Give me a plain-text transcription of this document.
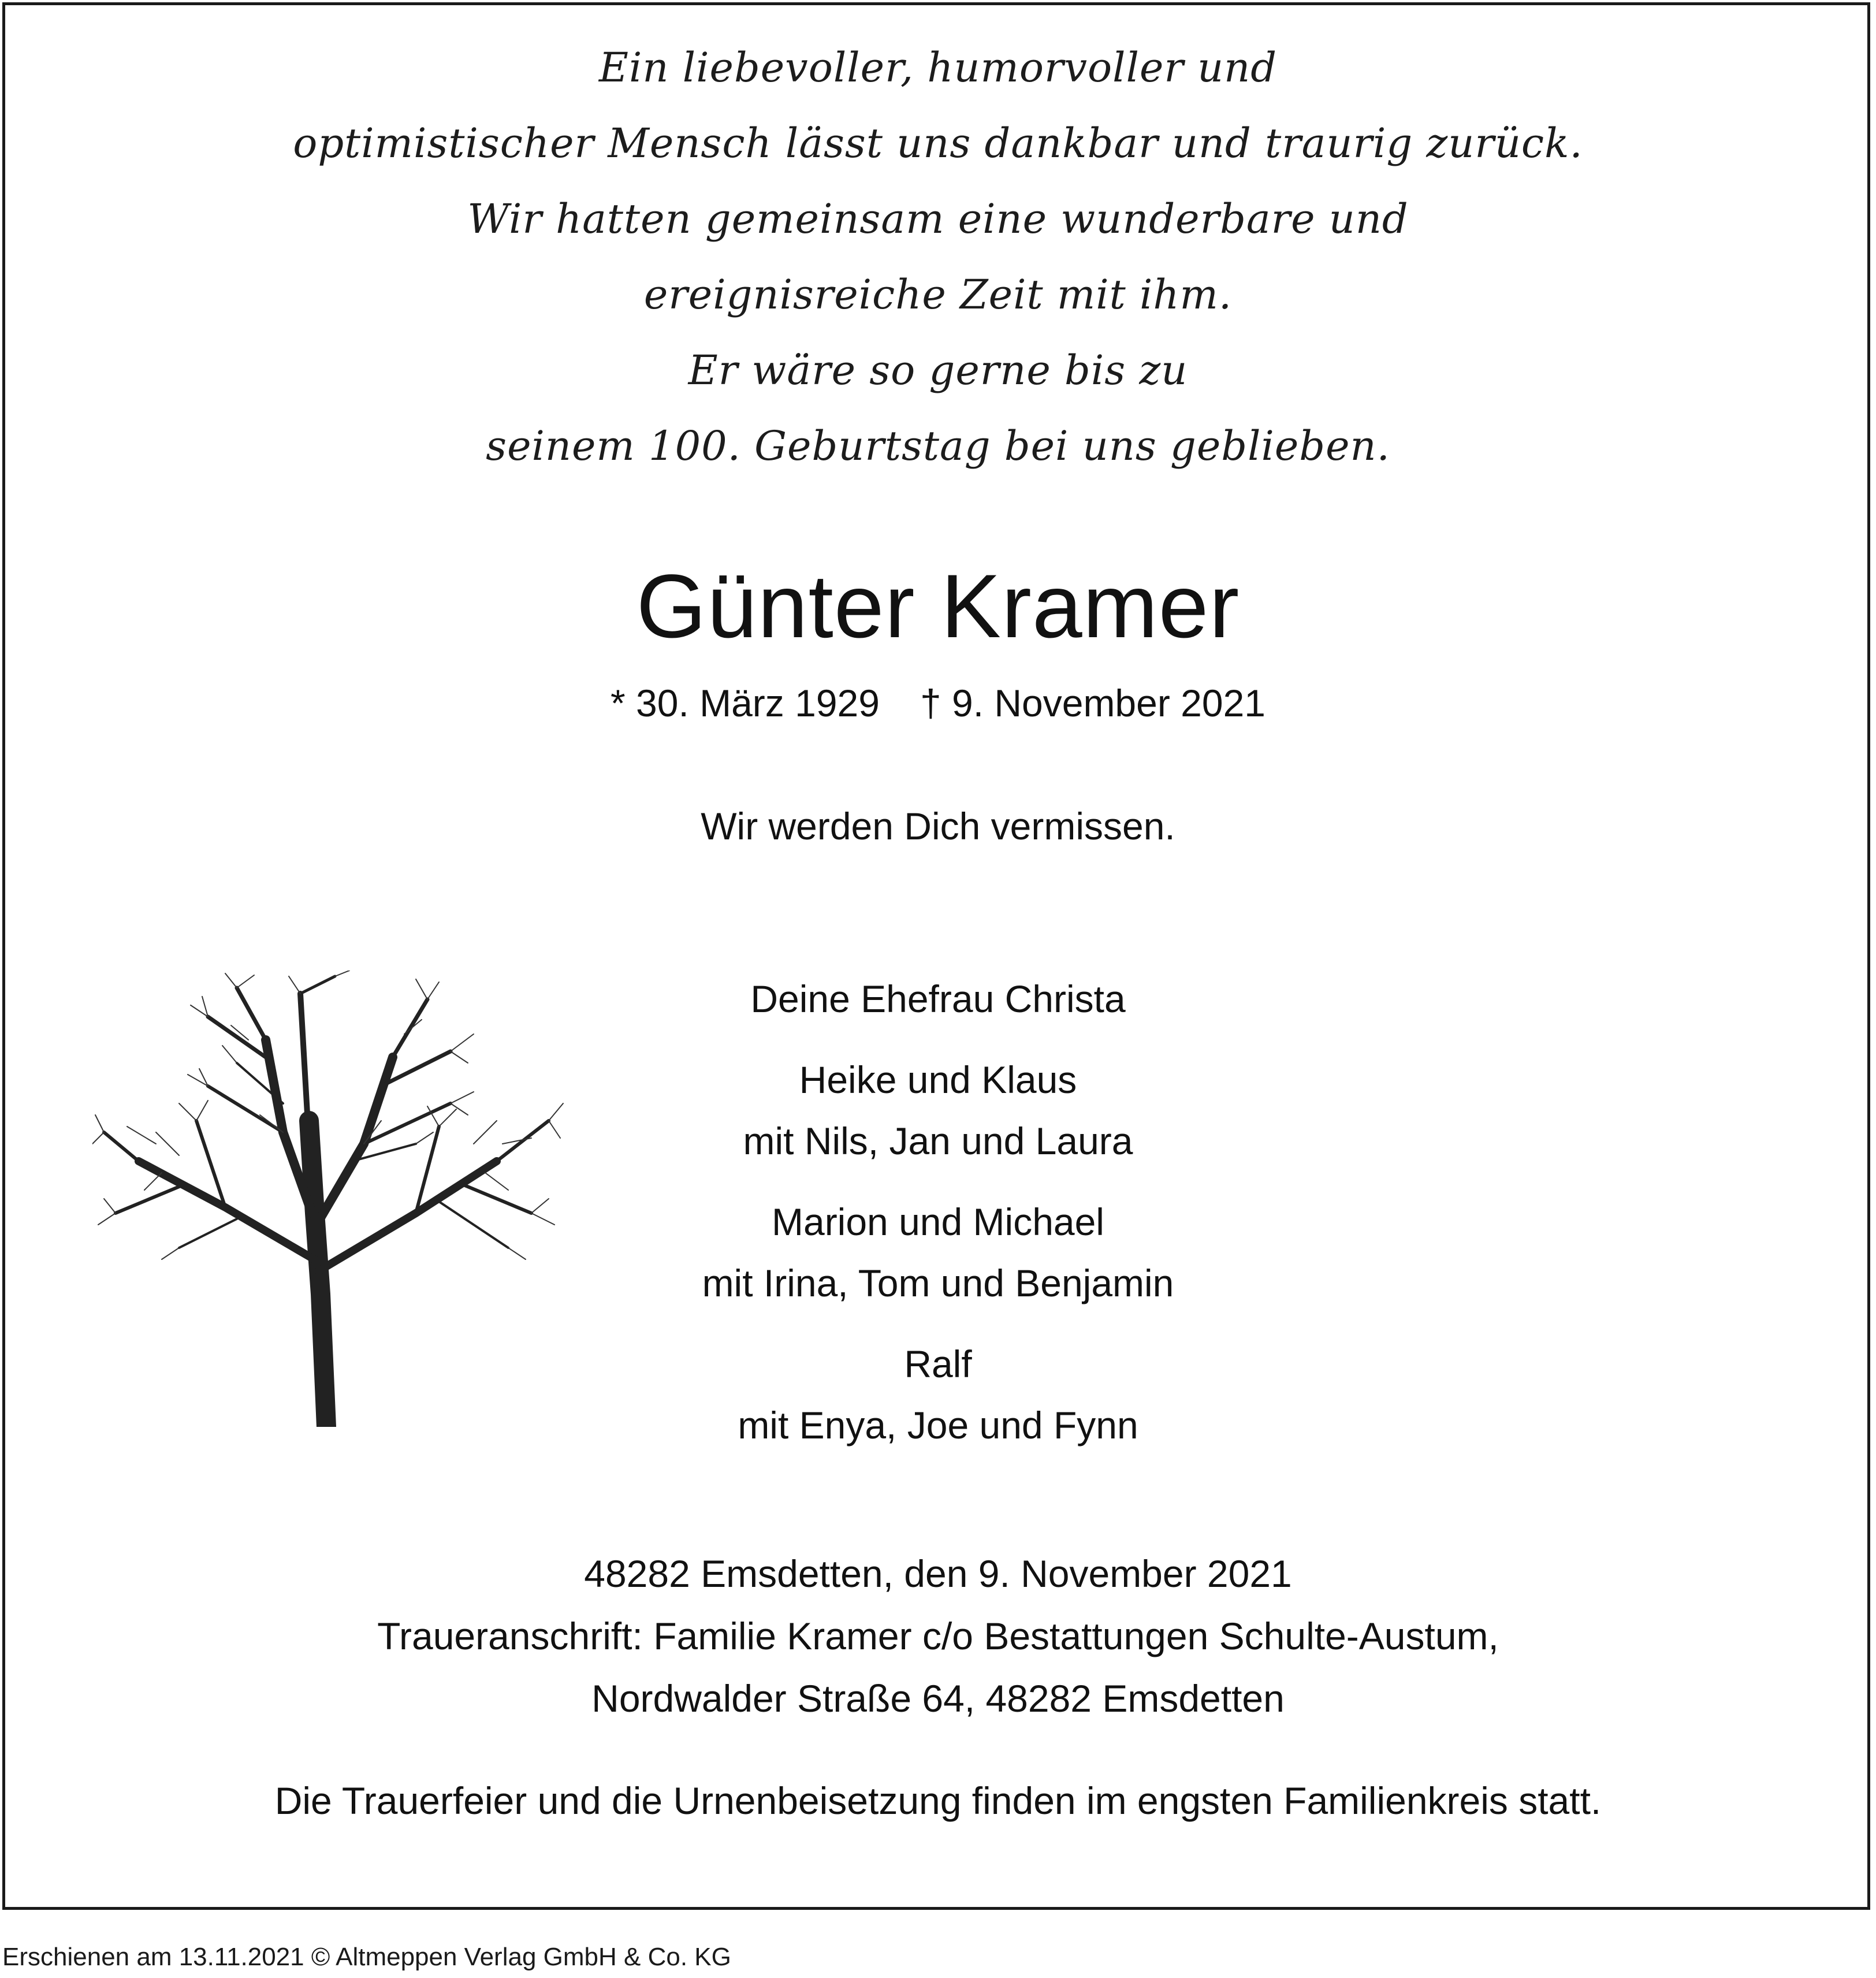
Ein liebevoller, humorvoller und
optimistischer Mensch lässt uns dankbar und traurig zurück.
Wir hatten gemeinsam eine wunderbare und
ereignisreiche Zeit mit ihm.
Er wäre so gerne bis zu
seinem 100. Geburtstag bei uns geblieben.
Günter Kramer
* 30. März 1929 † 9. November 2021
Wir werden Dich vermissen.
Deine Ehefrau Christa
Heike und Klaus
mit Nils, Jan und Laura
Marion und Michael
mit Irina, Tom und Benjamin
Ralf
mit Enya, Joe und Fynn
48282 Emsdetten, den 9. November 2021
Traueranschrift: Familie Kramer c/o Bestattungen Schulte-Austum,
Nordwalder Straße 64, 48282 Emsdetten
Die Trauerfeier und die Urnenbeisetzung finden im engsten Familienkreis statt.
Erschienen am 13.11.2021 © Altmeppen Verlag GmbH & Co. KG
